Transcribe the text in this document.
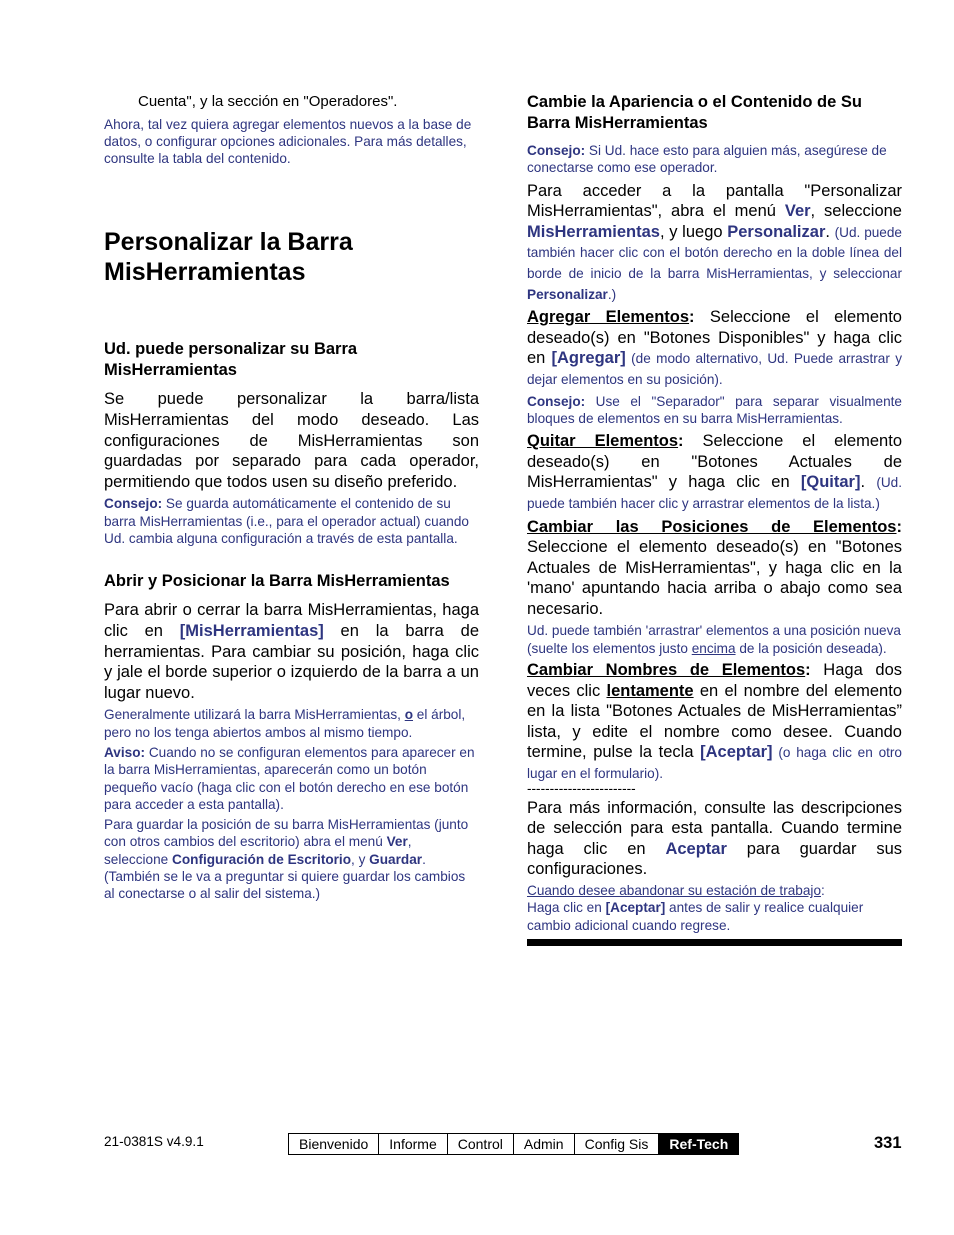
Cuenta", y la sección en "Operadores".

Ahora, tal vez quiera agregar elementos nuevos a la base de datos, o configurar opciones adicionales. Para más detalles, consulte la tabla del contenido.

Personalizar la Barra MisHerramientas
Ud. puede personalizar su Barra MisHerramientas

Se puede personalizar la barra/lista MisHerramientas del modo deseado. Las configuraciones de MisHerramientas son guardadas por separado para cada operador, permitiendo que todos usen su diseño preferido.

Consejo: Se guarda automáticamente el contenido de su barra MisHerramientas (i.e., para el operador actual) cuando Ud. cambia alguna configuración a través de esta pantalla.

Abrir y Posicionar la Barra MisHerramientas

Para abrir o cerrar la barra MisHerramientas, haga clic en [MisHerramientas] en la barra de herramientas. Para cambiar su posición, haga clic y jale el borde superior o izquierdo de la barra a un lugar nuevo.

Generalmente utilizará la barra MisHerramientas, o el árbol, pero no los tenga abiertos ambos al mismo tiempo.

Aviso: Cuando no se configuran elementos para aparecer en la barra MisHerramientas, aparecerán como un botón pequeño vacío (haga clic con el botón derecho en ese botón para acceder a esta pantalla).

Para guardar la posición de su barra MisHerramientas (junto con otros cambios del escritorio) abra el menú Ver, seleccione Configuración de Escritorio, y Guardar. (También se le va a preguntar si quiere guardar los cambios al conectarse o al salir del sistema.)

Cambie la Apariencia o el Contenido de Su Barra MisHerramientas

Consejo: Si Ud. hace esto para alguien más, asegúrese de conectarse como ese operador.

Para acceder a la pantalla "Personalizar MisHerramientas", abra el menú Ver, seleccione MisHerramientas, y luego Personalizar. (Ud. puede también hacer clic con el botón derecho en la doble línea del borde de inicio de la barra MisHerramientas, y seleccionar Personalizar.)

Agregar Elementos: Seleccione el elemento deseado(s) en "Botones Disponibles" y haga clic en [Agregar] (de modo alternativo, Ud. Puede arrastrar y dejar elementos en su posición).

Consejo: Use el "Separador" para separar visualmente bloques de elementos en su barra MisHerramientas.

Quitar Elementos: Seleccione el elemento deseado(s) en "Botones Actuales de MisHerramientas" y haga clic en [Quitar]. (Ud. puede también hacer clic y arrastrar elementos de la lista.)

Cambiar las Posiciones de Elementos: Seleccione el elemento deseado(s) en "Botones Actuales de MisHerramientas", y haga clic en la 'mano' apuntando hacia arriba o abajo como sea necesario.

Ud. puede también 'arrastrar' elementos a una posición nueva (suelte los elementos justo encima de la posición deseada).

Cambiar Nombres de Elementos: Haga dos veces clic lentamente en el nombre del elemento en la lista "Botones Actuales de MisHerramientas” lista, y edite el nombre como desee. Cuando termine, pulse la tecla [Aceptar] (o haga clic en otro lugar en el formulario).

------------------------

Para más información, consulte las descripciones de selección para esta pantalla. Cuando termine haga clic en Aceptar para guardar sus configuraciones.

Cuando desee abandonar su estación de trabajo:
Haga clic en [Aceptar] antes de salir y realice cualquier cambio adicional cuando regrese.

21-0381S v4.9.1	Bienvenido	Informe	Control	Admin	Config Sis	Ref-Tech	331
